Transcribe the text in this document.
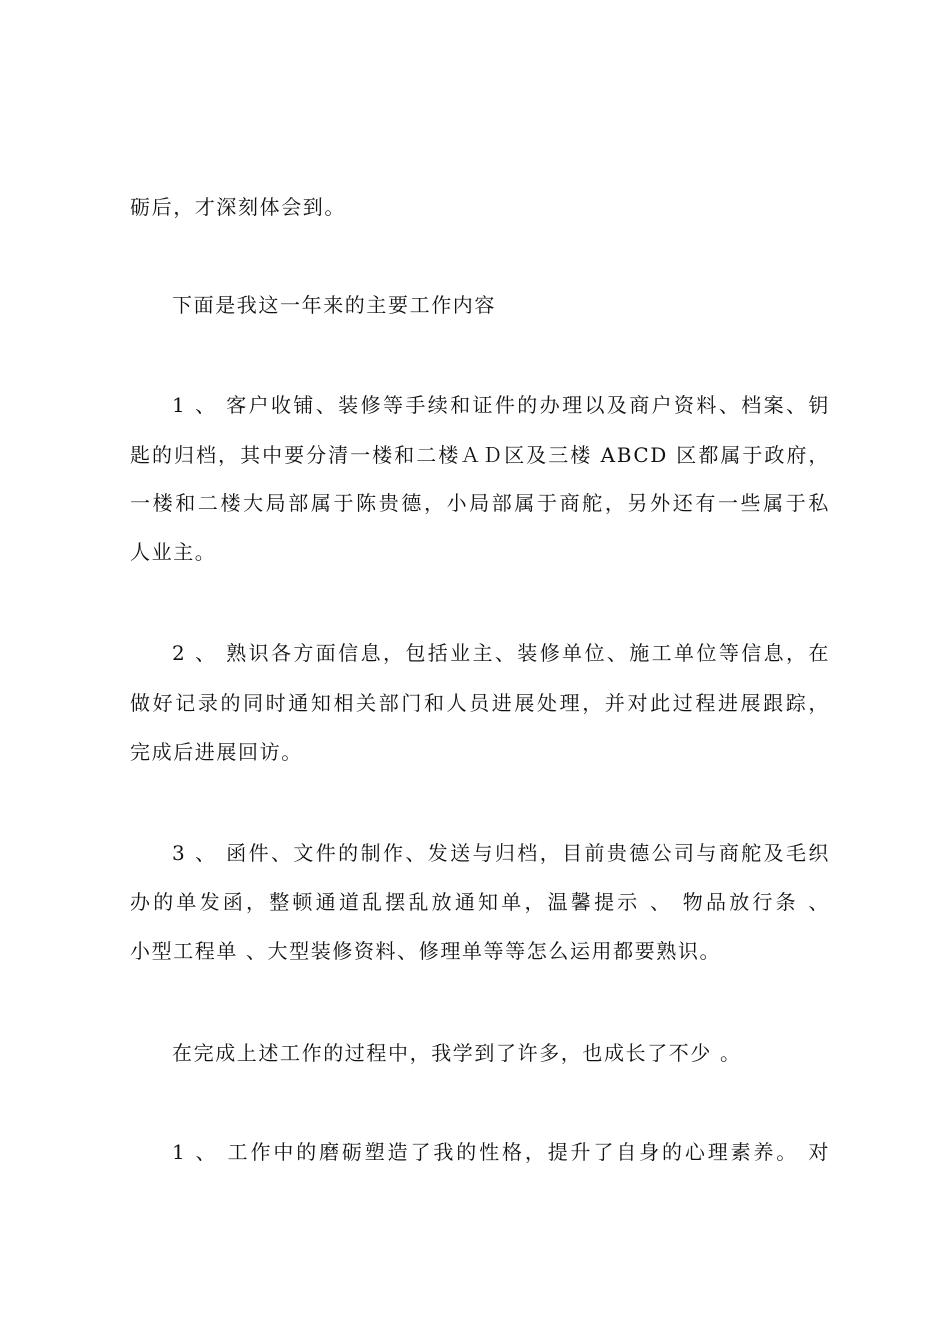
砺后，才深刻体会到。

下面是我这一年来的主要工作内容

1 、 客户收铺、装修等手续和证件的办理以及商户资料、档案、钥

匙的归档，其中要分清一楼和二楼ＡＤ区及三楼 ABCD 区都属于政府，

一楼和二楼大局部属于陈贵德，小局部属于商舵，另外还有一些属于私

人业主。

2 、 熟识各方面信息，包括业主、装修单位、施工单位等信息，在

做好记录的同时通知相关部门和人员进展处理，并对此过程进展跟踪，

完成后进展回访。

3 、 函件、文件的制作、发送与归档，目前贵德公司与商舵及毛织

办的单发函，整顿通道乱摆乱放通知单，温馨提示 、 物品放行条 、

小型工程单 、大型装修资料、修理单等等怎么运用都要熟识。

在完成上述工作的过程中，我学到了许多，也成长了不少 。

1 、 工作中的磨砺塑造了我的性格，提升了自身的心理素养。 对
